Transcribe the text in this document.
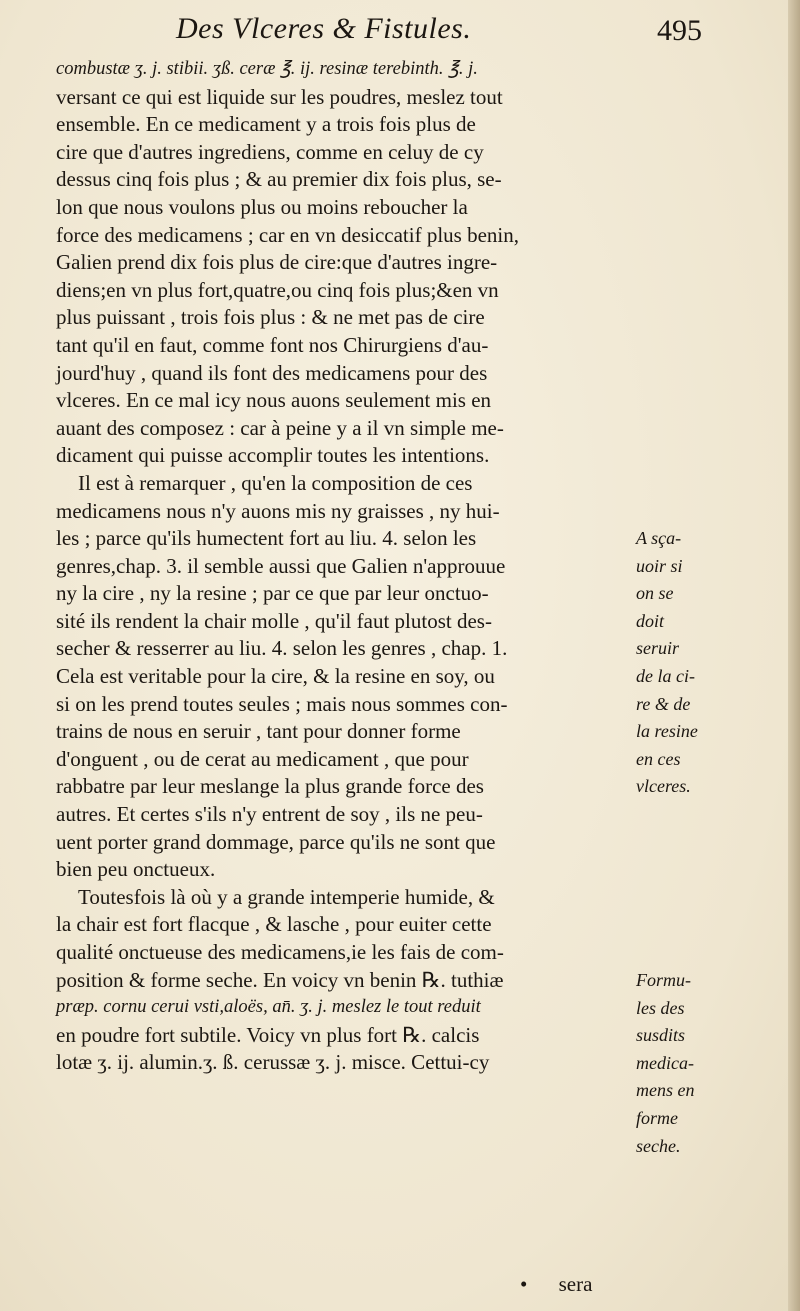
Des Vlceres & Fistules.	495
combustæ ʒ. j. stibii. ʒß. ceræ ℥. ij. resinæ terebinth. ℥. j.
versant ce qui est liquide sur les poudres, meslez tout
ensemble. En ce medicament y a trois fois plus de
cire que d'autres ingrediens, comme en celuy de cy
dessus cinq fois plus ; & au premier dix fois plus, se-
lon que nous voulons plus ou moins reboucher la
force des medicamens ; car en vn desiccatif plus benin,
Galien prend dix fois plus de cire:que d'autres ingre-
diens;en vn plus fort,quatre,ou cinq fois plus;&en vn
plus puissant , trois fois plus : & ne met pas de cire
tant qu'il en faut, comme font nos Chirurgiens d'au-
jourd'huy , quand ils font des medicamens pour des
vlceres. En ce mal icy nous auons seulement mis en
auant des composez : car à peine y a il vn simple me-
dicament qui puisse accomplir toutes les intentions.
Il est à remarquer , qu'en la composition de ces
medicamens nous n'y auons mis ny graisses , ny hui-
les ; parce qu'ils humectent fort au liu. 4. selon les
genres,chap. 3. il semble aussi que Galien n'approuue
ny la cire , ny la resine ; par ce que par leur onctuo-
sité ils rendent la chair molle , qu'il faut plutost des-
secher & resserrer au liu. 4. selon les genres , chap. 1.
Cela est veritable pour la cire, & la resine en soy, ou
si on les prend toutes seules ; mais nous sommes con-
trains de nous en seruir , tant pour donner forme
d'onguent , ou de cerat au medicament , que pour
rabbatre par leur meslange la plus grande force des
autres. Et certes s'ils n'y entrent de soy , ils ne peu-
uent porter grand dommage, parce qu'ils ne sont que
bien peu onctueux.
Toutesfois là où y a grande intemperie humide, &
la chair est fort flacque , & lasche , pour euiter cette
qualité onctueuse des medicamens,ie les fais de com-
position & forme seche. En voicy vn benin ℞. tuthiæ
præp. cornu cerui vsti,aloës, an̄. ʒ. j. meslez le tout reduit
en poudre fort subtile. Voicy vn plus fort ℞. calcis
lotæ ʒ. ij. alumin.ʒ. ß. cerussæ ʒ. j. misce. Cettui-cy
A sça-
uoir si
on se
doit
seruir
de la ci-
re & de
la resine
en ces
vlceres.
Formu-
les des
susdits
medica-
mens en
forme
seche.
• sera
